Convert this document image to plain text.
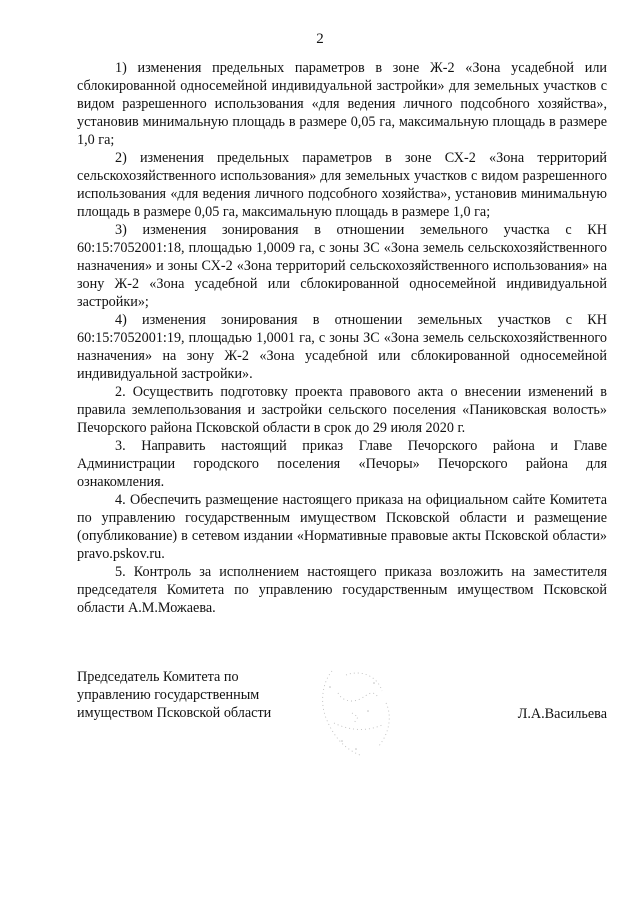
2

1) изменения предельных параметров в зоне Ж-2 «Зона усадебной или сблокированной односемейной индивидуальной застройки» для земельных участков с видом разрешенного использования «для ведения личного подсобного хозяйства», установив минимальную площадь в размере 0,05 га, максимальную площадь в размере 1,0 га;

2) изменения предельных параметров в зоне СХ-2 «Зона территорий сельскохозяйственного использования» для земельных участков с видом разрешенного использования «для ведения личного подсобного хозяйства», установив минимальную площадь в размере 0,05 га, максимальную площадь в размере 1,0 га;

3) изменения зонирования в отношении земельного участка с КН 60:15:7052001:18, площадью 1,0009 га, с зоны ЗС «Зона земель сельскохозяйственного назначения» и зоны СХ-2 «Зона территорий сельскохозяйственного использования» на зону Ж-2 «Зона усадебной или сблокированной односемейной индивидуальной застройки»;

4) изменения зонирования в отношении земельных участков с КН 60:15:7052001:19, площадью 1,0001 га, с зоны ЗС «Зона земель сельскохозяйственного назначения» на зону Ж-2 «Зона усадебной или сблокированной односемейной индивидуальной застройки».

2. Осуществить подготовку проекта правового акта о внесении изменений в правила землепользования и застройки сельского поселения «Паниковская волость» Печорского района Псковской области в срок до 29 июля 2020 г.

3. Направить настоящий приказ Главе Печорского района и Главе Администрации городского поселения «Печоры» Печорского района для ознакомления.

4. Обеспечить размещение настоящего приказа на официальном сайте Комитета по управлению государственным имуществом Псковской области и размещение (опубликование) в сетевом издании «Нормативные правовые акты Псковской области» pravo.pskov.ru.

5. Контроль за исполнением настоящего приказа возложить на заместителя председателя Комитета по управлению государственным имуществом Псковской области А.М.Можаева.

Председатель Комитета по
управлению государственным
имуществом Псковской области	Л.А.Васильева
